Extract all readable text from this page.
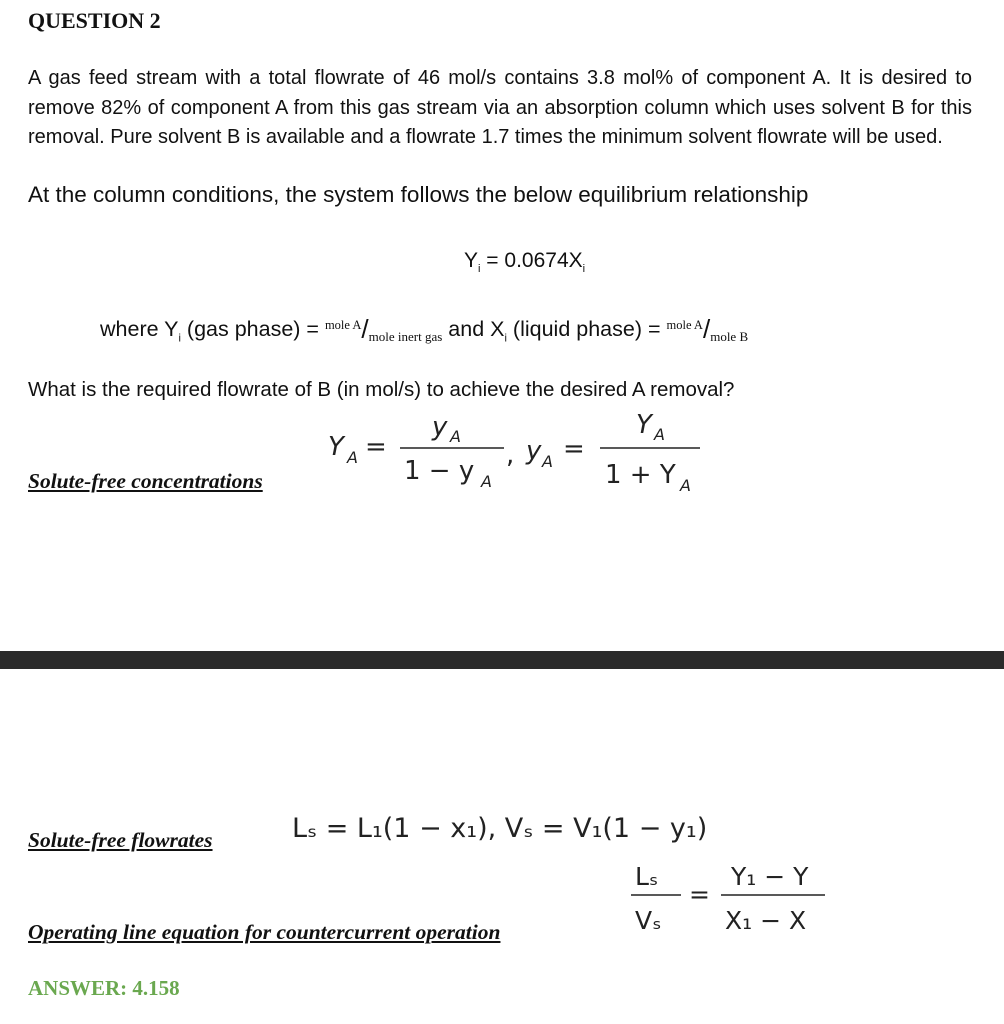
QUESTION 2
A gas feed stream with a total flowrate of 46 mol/s contains 3.8 mol% of component A. It is desired to remove 82% of component A from this gas stream via an absorption column which uses solvent B for this removal. Pure solvent B is available and a flowrate 1.7 times the minimum solvent flowrate will be used.
At the column conditions, the system follows the below equilibrium relationship
$Y_i = 0.0674X_i$
where $Y_i$ (gas phase) = $^{mole A}/_{mole inert gas}$ and $X_i$ (liquid phase) = $^{mole A}/_{mole B}$
What is the required flowrate of B (in mol/s) to achieve the desired A removal?
Solute-free concentrations
Y A =
y A
1 − y A
, y A =
Y A
1 + Y A
Solute-free flowrates	Lₛ = L₁(1 − x₁), Vₛ = V₁(1 − y₁)
Operating line equation for countercurrent operation
Lₛ
Vₛ
=
Y₁ − Y
X₁ − X
ANSWER: 4.158
